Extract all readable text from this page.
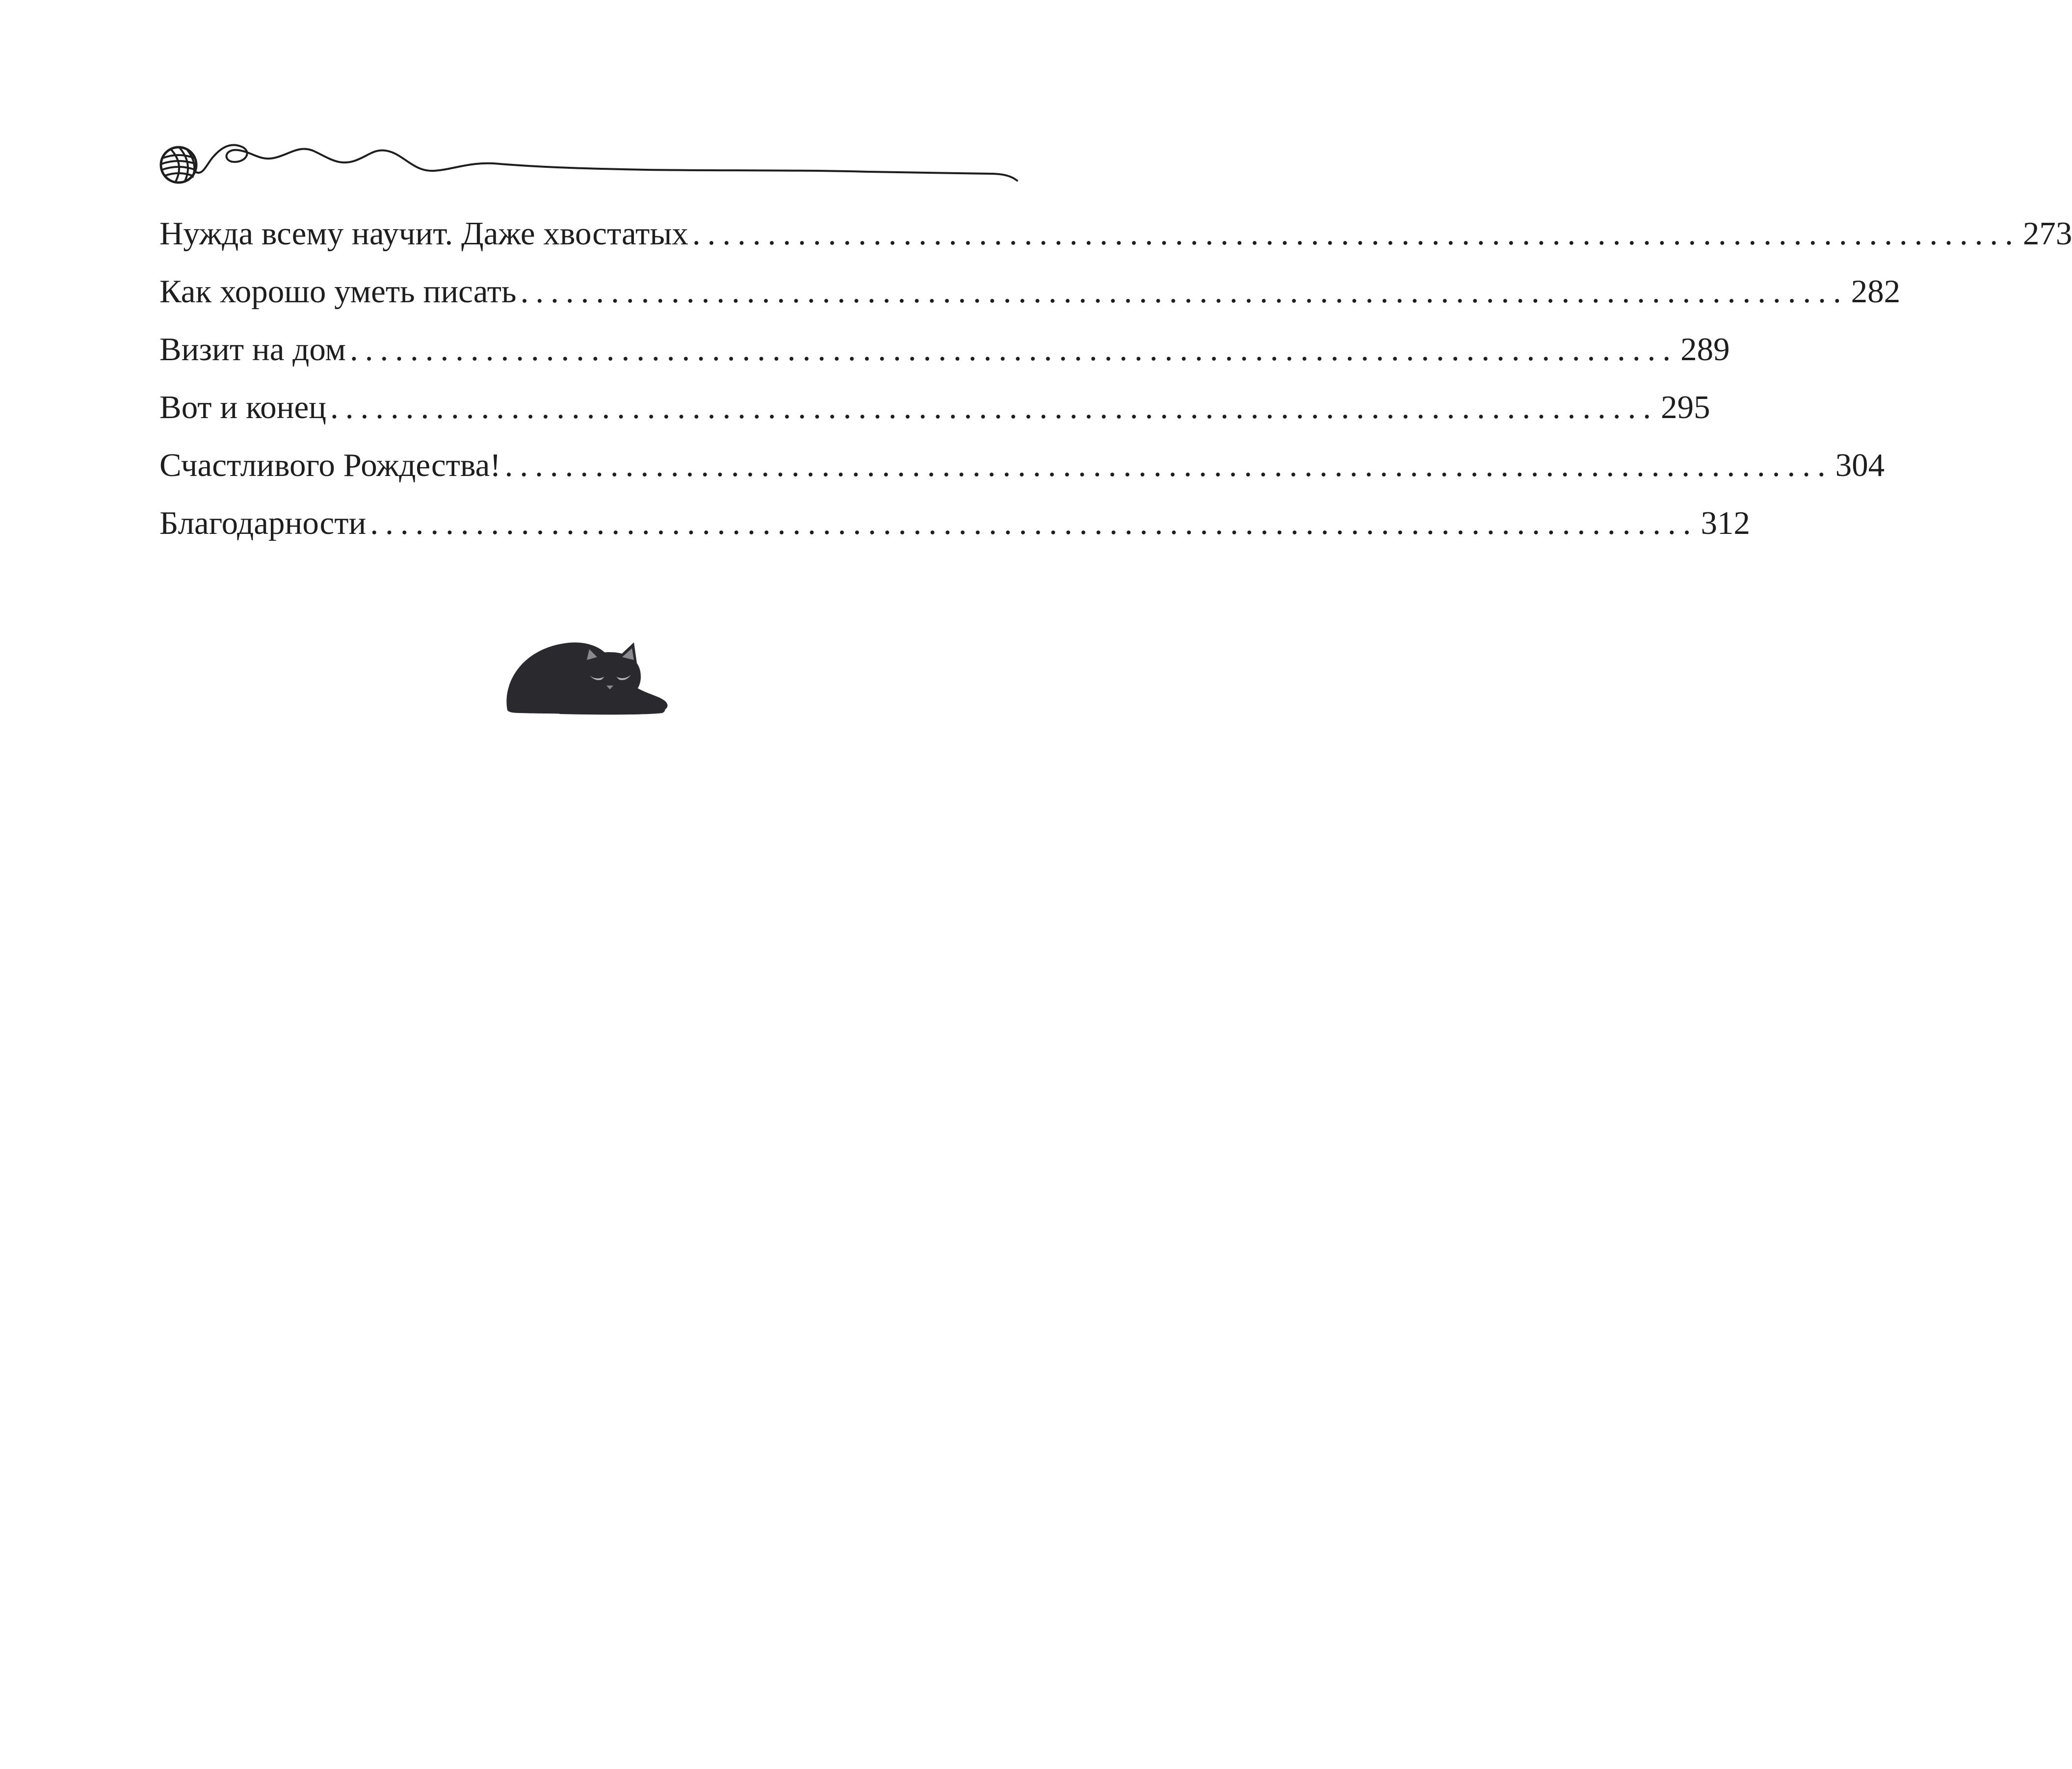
Нужда всему научит. Даже хвостатых ........................................................................................ 273
Как хорошо уметь писать ........................................................................................ 282
Визит на дом ........................................................................................ 289
Вот и конец ........................................................................................ 295
Счастливого Рождества! ........................................................................................ 304
Благодарности ........................................................................................ 312
